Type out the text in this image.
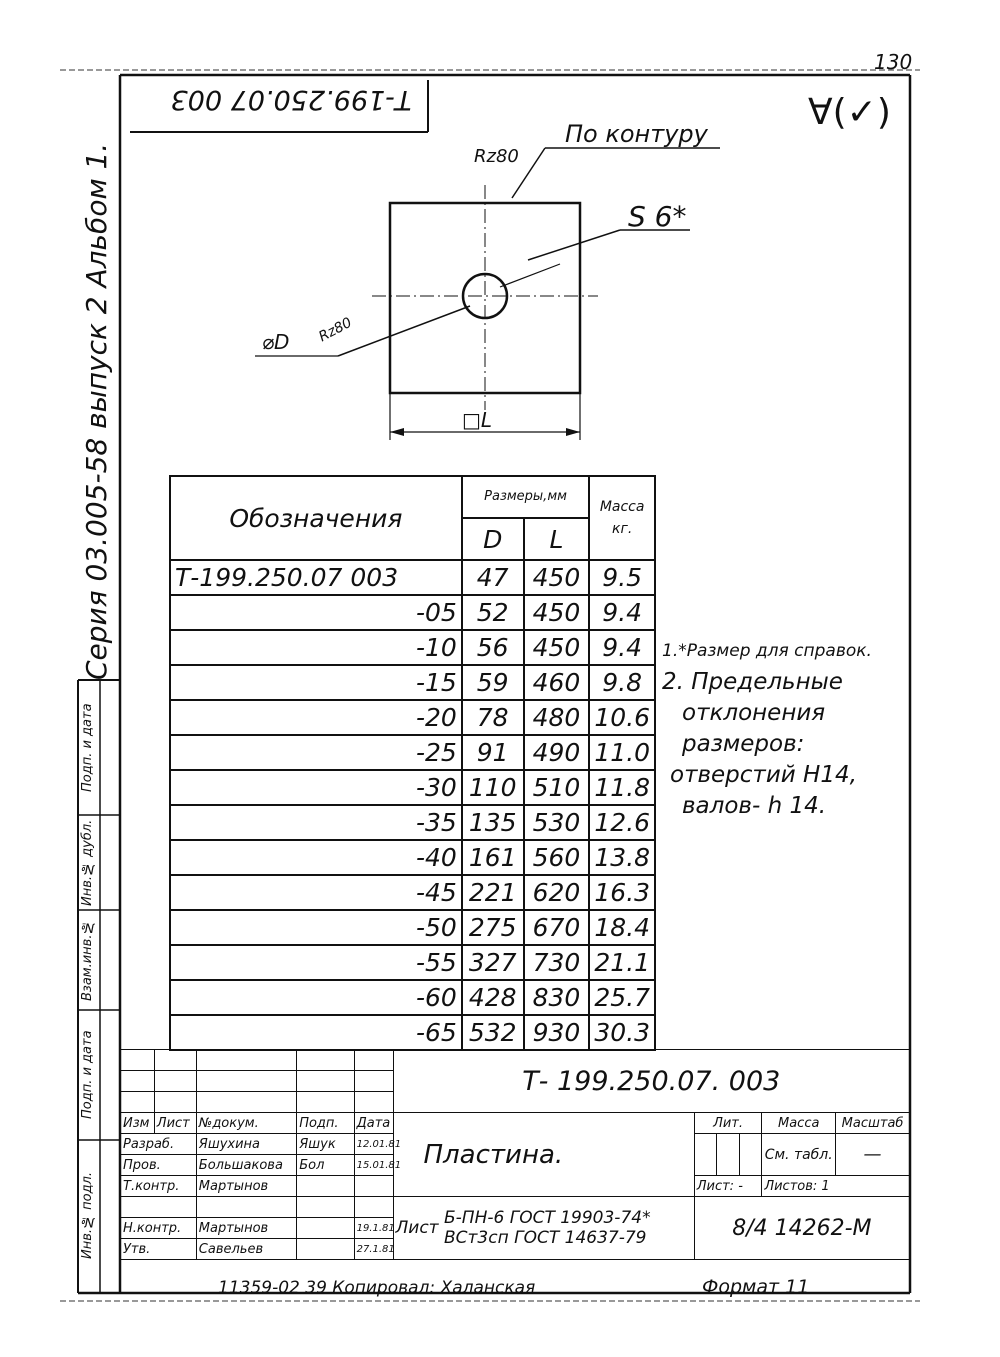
130
Т-199.250.07 003	∀(✓)
Серия 03.005-58 выпуск 2 Альбом 1.
Инв.№ подл.
Подп. и дата
Взам.инв.№
Инв.№ дубл.
Подп. и дата
По контуру
Rz80
S 6*
⌀D Rz80
□L
Обозначения	Размеры,мм		Масса кг.
	D	L	
Т-199.250.07 003	47	450	9.5
-05	52	450	9.4
-10	56	450	9.4
-15	59	460	9.8
-20	78	480	10.6
-25	91	490	11.0
-30	110	510	11.8
-35	135	530	12.6
-40	161	560	13.8
-45	221	620	16.3
-50	275	670	18.4
-55	327	730	21.1
-60	428	830	25.7
-65	532	930	30.3
1.*Размер для справок.
2. Предельные
отклонения
размеров:
отверстий Н14,
валов- h 14.
					Т- 199.250.07. 003					

Изм	Лист	№докум.	Подп.	Дата	Пластина.	Лит.			Масса	Масштаб
Разраб.		Яшухина	Яшук	12.01.81					См. табл.	—
Пров.		Большакова	Бол	15.01.81						
Т.контр.		Мартынов				Лист: -			Листов: 1	
					Лист Б-ПН-6 ГОСТ 19903-74*
ВСт3сп ГОСТ 14637-79	8/4 14262-М				
Н.контр.		Мартынов		19.1.81						
Утв.		Савельев		27.1.81						
11359-02 39 Копировал: Халанская	Формат 11
